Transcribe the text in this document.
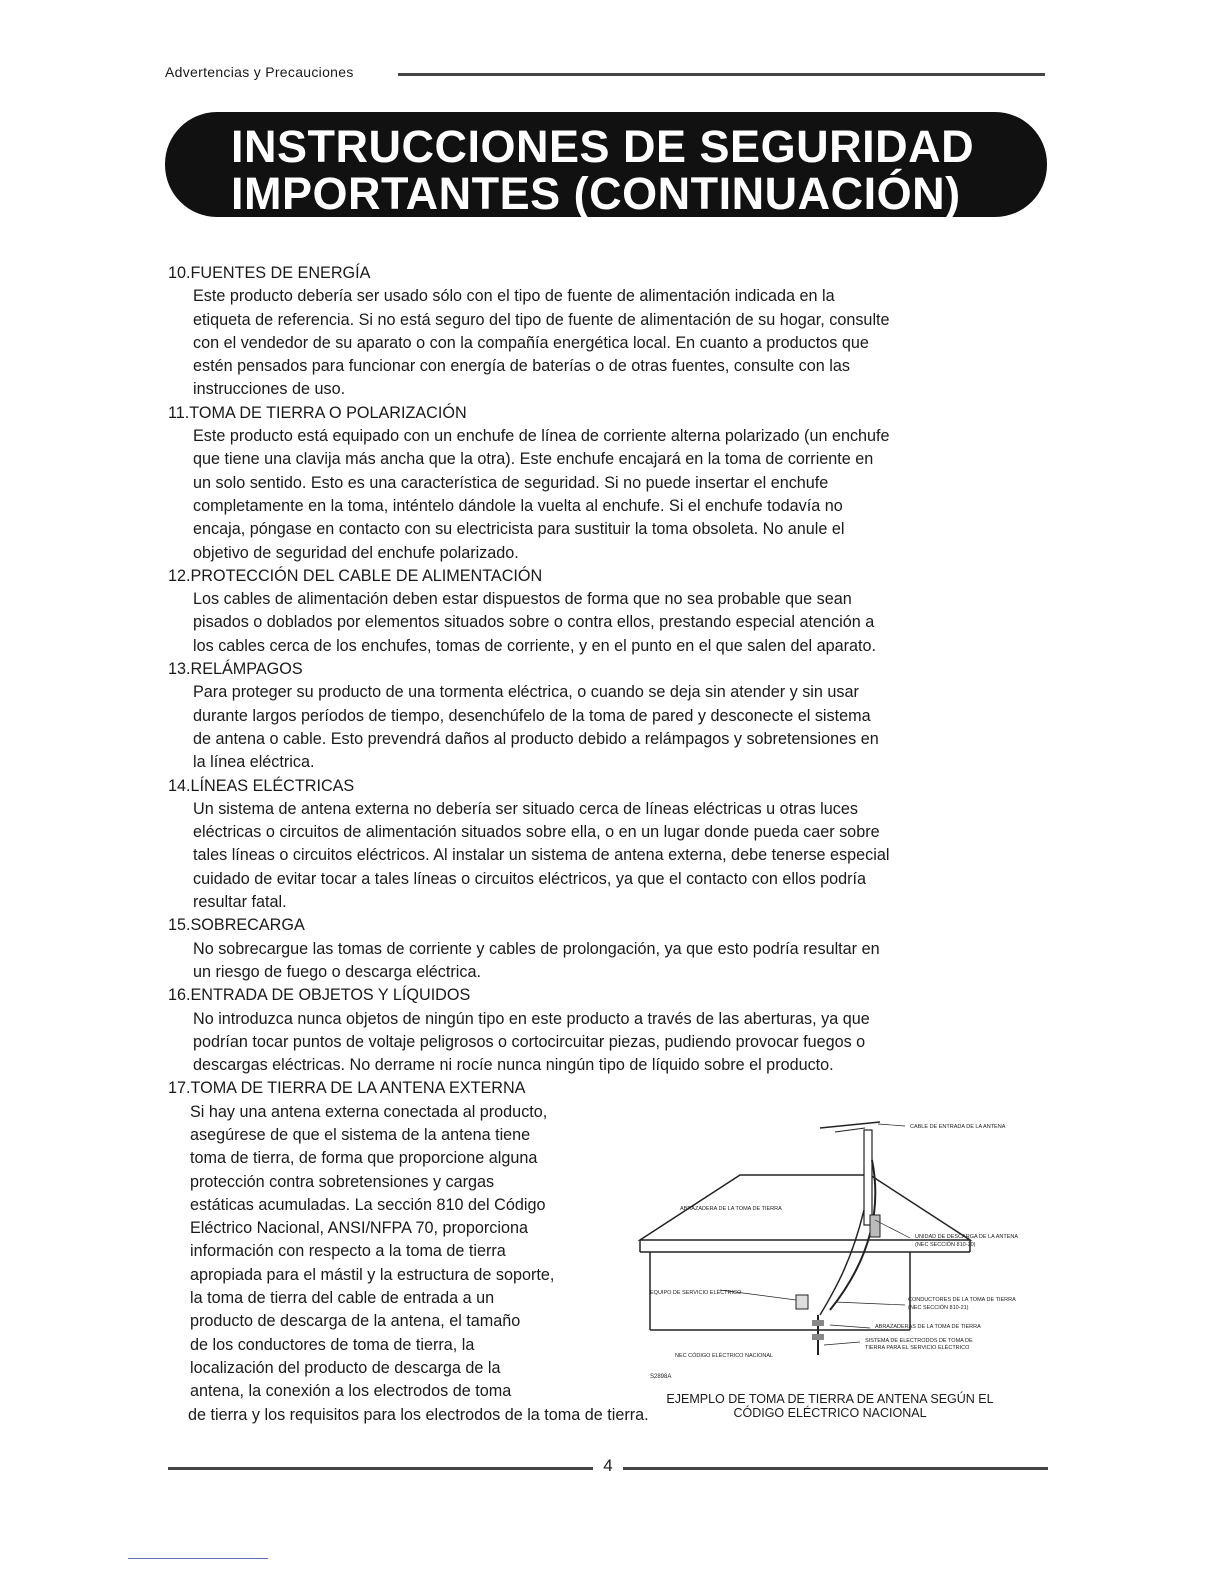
Advertencias y Precauciones
INSTRUCCIONES DE SEGURIDAD
IMPORTANTES (CONTINUACIÓN)
10.FUENTES DE ENERGÍA

Este producto debería ser usado sólo con el tipo de fuente de alimentación indicada en la

etiqueta de referencia. Si no está seguro del tipo de fuente de alimentación de su hogar, consulte

con el vendedor de su aparato o con la compañía energética local. En cuanto a productos que

estén pensados para funcionar con energía de baterías o de otras fuentes, consulte con las

instrucciones de uso.

11.TOMA DE TIERRA O POLARIZACIÓN

Este producto está equipado con un enchufe de línea de corriente alterna polarizado (un enchufe

que tiene una clavija más ancha que la otra). Este enchufe encajará en la toma de corriente en

un solo sentido. Esto es una característica de seguridad. Si no puede insertar el enchufe

completamente en la toma, inténtelo dándole la vuelta al enchufe. Si el enchufe todavía no

encaja, póngase en contacto con su electricista para sustituir la toma obsoleta. No anule el

objetivo de seguridad del enchufe polarizado.

12.PROTECCIÓN DEL CABLE DE ALIMENTACIÓN

Los cables de alimentación deben estar dispuestos de forma que no sea probable que sean

pisados o doblados por elementos situados sobre o contra ellos, prestando especial atención a

los cables cerca de los enchufes, tomas de corriente, y en el punto en el que salen del aparato.

13.RELÁMPAGOS

Para proteger su producto de una tormenta eléctrica, o cuando se deja sin atender y sin usar

durante largos períodos de tiempo, desenchúfelo de la toma de pared y desconecte el sistema

de antena o cable. Esto prevendrá daños al producto debido a relámpagos y sobretensiones en

la línea eléctrica.

14.LÍNEAS ELÉCTRICAS

Un sistema de antena externa no debería ser situado cerca de líneas eléctricas u otras luces

eléctricas o circuitos de alimentación situados sobre ella, o en un lugar donde pueda caer sobre

tales líneas o circuitos eléctricos. Al instalar un sistema de antena externa, debe tenerse especial

cuidado de evitar tocar a tales líneas o circuitos eléctricos, ya que el contacto con ellos podría

resultar fatal.

15.SOBRECARGA

No sobrecargue las tomas de corriente y cables de prolongación, ya que esto podría resultar en

un riesgo de fuego o descarga eléctrica.

16.ENTRADA DE OBJETOS Y LÍQUIDOS

No introduzca nunca objetos de ningún tipo en este producto a través de las aberturas, ya que

podrían tocar puntos de voltaje peligrosos o cortocircuitar piezas, pudiendo provocar fuegos o

descargas eléctricas. No derrame ni rocíe nunca ningún tipo de líquido sobre el producto.

17.TOMA DE TIERRA DE LA ANTENA EXTERNA
Si hay una antena externa conectada al producto,
asegúrese de que el sistema de la antena tiene
toma de tierra, de forma que proporcione alguna
protección contra sobretensiones y cargas
estáticas acumuladas. La sección 810 del Código
Eléctrico Nacional, ANSI/NFPA 70, proporciona
información con respecto a la toma de tierra
apropiada para el mástil y la estructura de soporte,
la toma de tierra del cable de entrada a un
producto de descarga de la antena, el tamaño
de los conductores de toma de tierra, la
localización del producto de descarga de la
antena, la conexión a los electrodos de toma
de tierra y los requisitos para los electrodos de la toma de tierra.
CABLE DE ENTRADA DE LA ANTENA
ABRAZADERA DE LA TOMA DE TIERRA
UNIDAD DE DESCARGA DE LA ANTENA
(NEC SECCIÓN 810-20)
EQUIPO DE SERVICIO ELÉCTRICO
CONDUCTORES DE LA TOMA DE TIERRA
(NEC SECCIÓN 810-21)
ABRAZADERAS DE LA TOMA DE TIERRA
SISTEMA DE ELECTRODOS DE TOMA DE
TIERRA PARA EL SERVICIO ELÉCTRICO
NEC CÓDIGO ELÉCTRICO NACIONAL
S2898A
EJEMPLO DE TOMA DE TIERRA DE ANTENA SEGÚN EL
CÓDIGO ELÉCTRICO NACIONAL
4
